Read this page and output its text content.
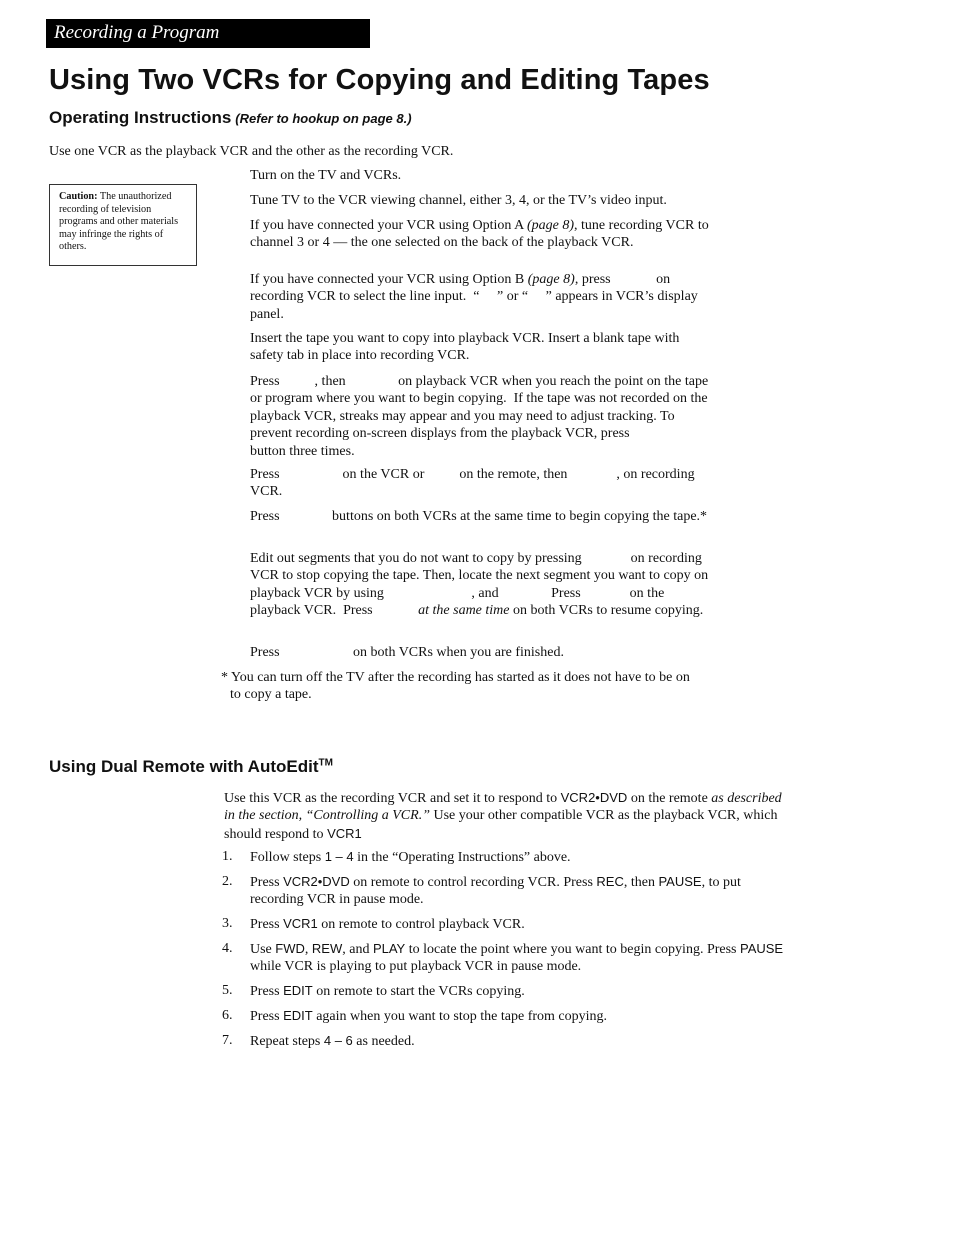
Recording a Program
Using Two VCRs for Copying and Editing Tapes
Operating Instructions (Refer to hookup on page 8.)

Use one VCR as the playback VCR and the other as the recording VCR.

Caution: The unauthorized recording of television programs and other materials may infringe the rights of others.

Turn on the TV and VCRs.

Tune TV to the VCR viewing channel, either 3, 4, or the TV’s video input.

If you have connected your VCR using Option A (page 8), tune recording VCR to channel 3 or 4 — the one selected on the back of the playback VCR.

If you have connected your VCR using Option B (page 8), press             on recording VCR to select the line input.  “     ” or “     ” appears in VCR’s display panel.

Insert the tape you want to copy into playback VCR. Insert a blank tape with safety tab in place into recording VCR.

Press          , then               on playback VCR when you reach the point on the tape or program where you want to begin copying.  If the tape was not recorded on the playback VCR, streaks may appear and you may need to adjust tracking. To prevent recording on-screen displays from the playback VCR, press                   button three times.

Press                  on the VCR or          on the remote, then              , on recording VCR.

Press               buttons on both VCRs at the same time to begin copying the tape.*

Edit out segments that you do not want to copy by pressing              on recording VCR to stop copying the tape. Then, locate the next segment you want to copy on playback VCR by using                         , and               Press              on the playback VCR.  Press             at the same time on both VCRs to resume copying.

Press                     on both VCRs when you are finished.

* You can turn off the TV after the recording has started as it does not have to be on to copy a tape.

Using Dual Remote with AutoEdit™

Use this VCR as the recording VCR and set it to respond to VCR2•DVD on the remote as described in the section, “Controlling a VCR.” Use your other compatible VCR as the playback VCR, which should respond to VCR1

1. Follow steps 1 – 4 in the “Operating Instructions” above.

2. Press VCR2•DVD on remote to control recording VCR. Press REC, then PAUSE, to put recording VCR in pause mode.

3. Press VCR1 on remote to control playback VCR.

4. Use FWD, REW, and PLAY to locate the point where you want to begin copying. Press PAUSE while VCR is playing to put playback VCR in pause mode.

5. Press EDIT on remote to start the VCRs copying.

6. Press EDIT again when you want to stop the tape from copying.

7. Repeat steps 4 – 6 as needed.
